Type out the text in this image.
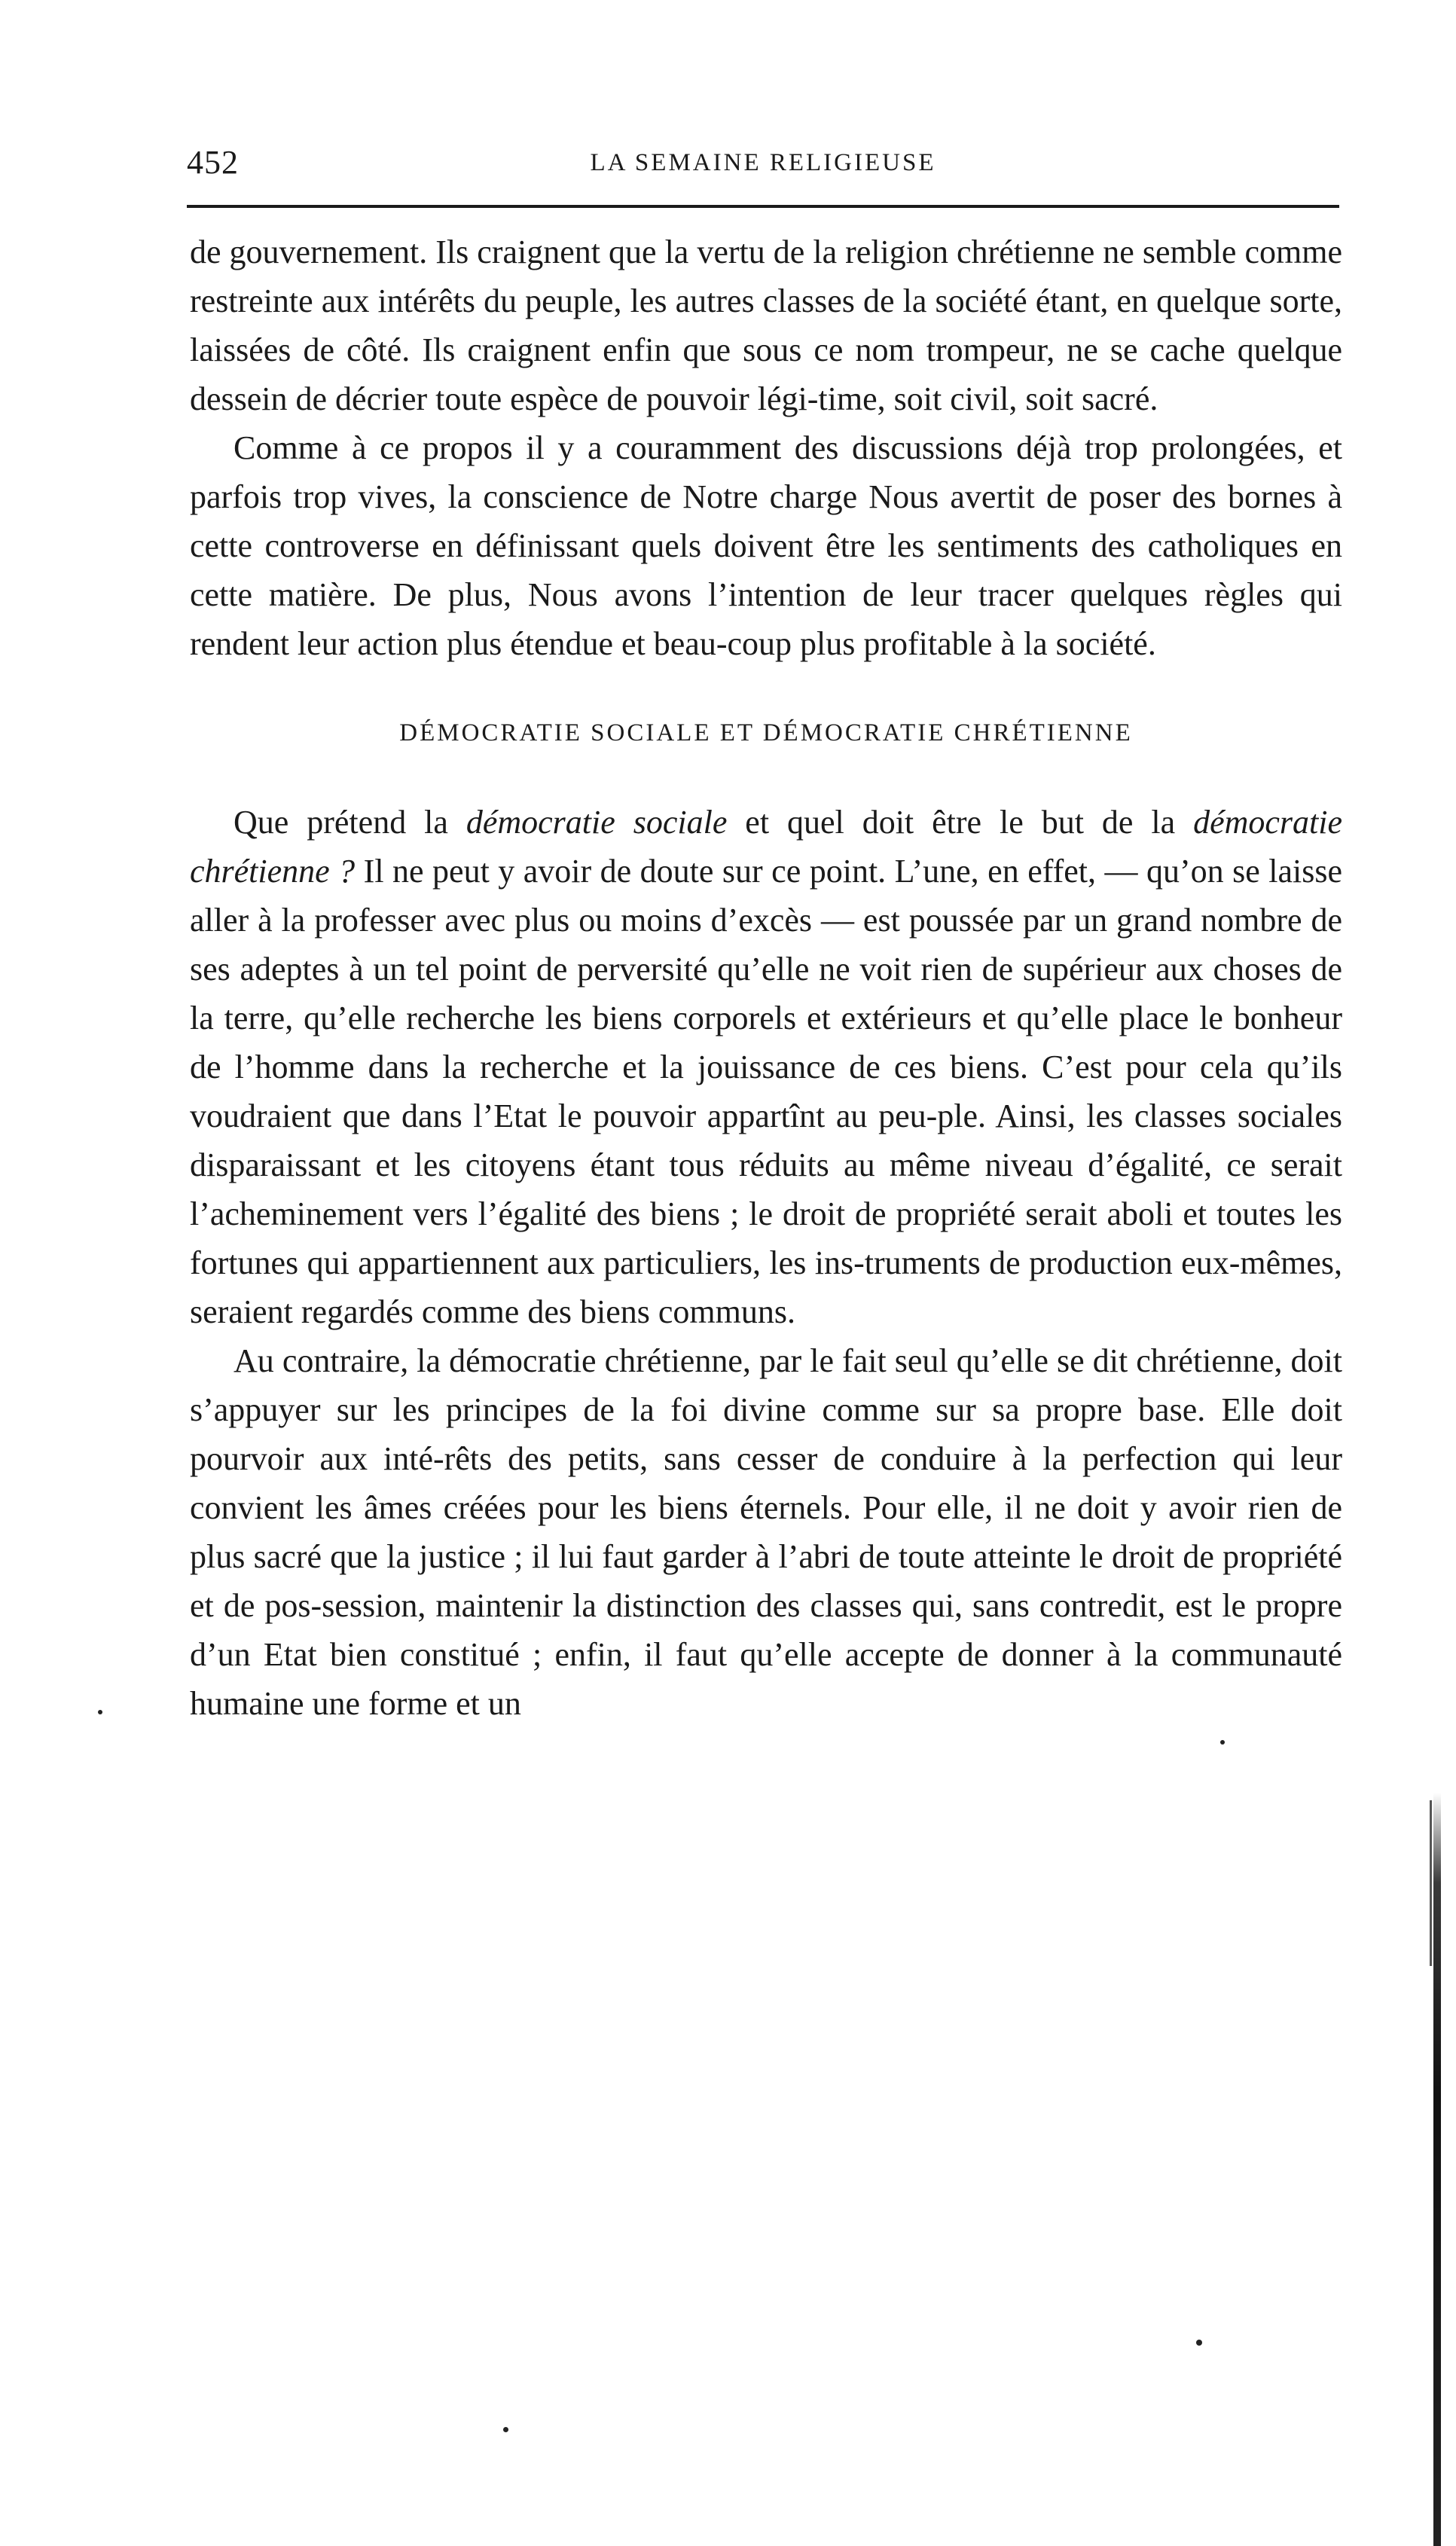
452	LA SEMAINE RELIGIEUSE

de gouvernement. Ils craignent que la vertu de la religion chrétienne ne semble comme restreinte aux intérêts du peuple, les autres classes de la société étant, en quelque sorte, laissées de côté. Ils craignent enfin que sous ce nom trompeur, ne se cache quelque dessein de décrier toute espèce de pouvoir légi-time, soit civil, soit sacré.

Comme à ce propos il y a couramment des discussions déjà trop prolongées, et parfois trop vives, la conscience de Notre charge Nous avertit de poser des bornes à cette controverse en définissant quels doivent être les sentiments des catholiques en cette matière. De plus, Nous avons l’intention de leur tracer quelques règles qui rendent leur action plus étendue et beau-coup plus profitable à la société.

DÉMOCRATIE SOCIALE ET DÉMOCRATIE CHRÉTIENNE

Que prétend la démocratie sociale et quel doit être le but de la démocratie chrétienne ? Il ne peut y avoir de doute sur ce point. L’une, en effet, — qu’on se laisse aller à la professer avec plus ou moins d’excès — est poussée par un grand nombre de ses adeptes à un tel point de perversité qu’elle ne voit rien de supérieur aux choses de la terre, qu’elle recherche les biens corporels et extérieurs et qu’elle place le bonheur de l’homme dans la recherche et la jouissance de ces biens. C’est pour cela qu’ils voudraient que dans l’Etat le pouvoir appartînt au peu-ple. Ainsi, les classes sociales disparaissant et les citoyens étant tous réduits au même niveau d’égalité, ce serait l’acheminement vers l’égalité des biens ; le droit de propriété serait aboli et toutes les fortunes qui appartiennent aux particuliers, les ins-truments de production eux-mêmes, seraient regardés comme des biens communs.

Au contraire, la démocratie chrétienne, par le fait seul qu’elle se dit chrétienne, doit s’appuyer sur les principes de la foi divine comme sur sa propre base. Elle doit pourvoir aux inté-rêts des petits, sans cesser de conduire à la perfection qui leur convient les âmes créées pour les biens éternels. Pour elle, il ne doit y avoir rien de plus sacré que la justice ; il lui faut garder à l’abri de toute atteinte le droit de propriété et de pos-session, maintenir la distinction des classes qui, sans contredit, est le propre d’un Etat bien constitué ; enfin, il faut qu’elle accepte de donner à la communauté humaine une forme et un
